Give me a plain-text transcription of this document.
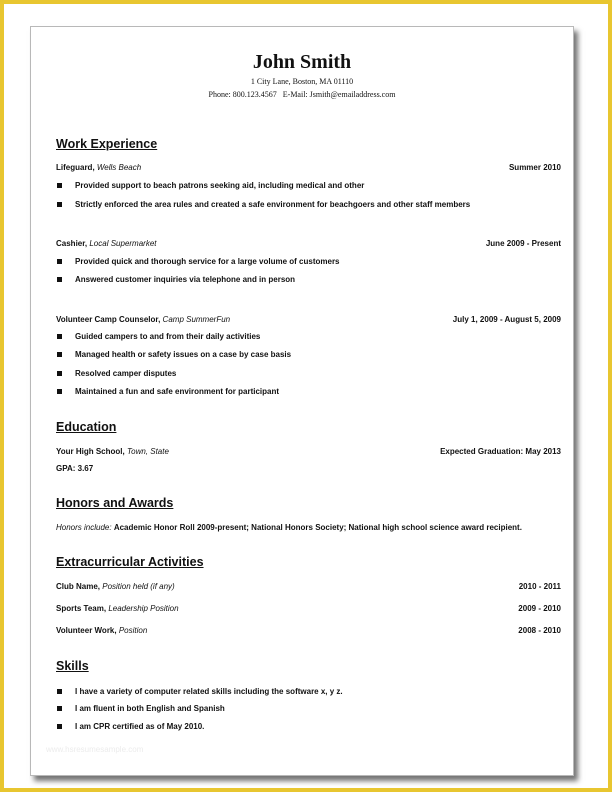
John Smith
1 City Lane, Boston, MA 01110
Phone: 800.123.4567   E-Mail: Jsmith@emailaddress.com
Work Experience
Lifeguard, Wells Beach	Summer 2010
Provided support to beach patrons seeking aid, including medical and other
Strictly enforced the area rules and created a safe environment for beachgoers and other staff members
Cashier, Local Supermarket	June 2009 - Present
Provided quick and thorough service for a large volume of customers
Answered customer inquiries via telephone and in person
Volunteer Camp Counselor, Camp SummerFun	July 1, 2009 - August 5, 2009
Guided campers to and from their daily activities
Managed health or safety issues on a case by case basis
Resolved camper disputes
Maintained a fun and safe environment for participant
Education
Your High School, Town, State	Expected Graduation: May 2013
GPA: 3.67
Honors and Awards
Honors include: Academic Honor Roll 2009-present; National Honors Society; National high school science award recipient.
Extracurricular Activities
Club Name, Position held (if any)	2010 - 2011
Sports Team, Leadership Position	2009 - 2010
Volunteer Work, Position	2008 - 2010
Skills
I have a variety of computer related skills including the software x, y z.
I am fluent in both English and Spanish
I am CPR certified as of May 2010.
www.hsresumesample.com
